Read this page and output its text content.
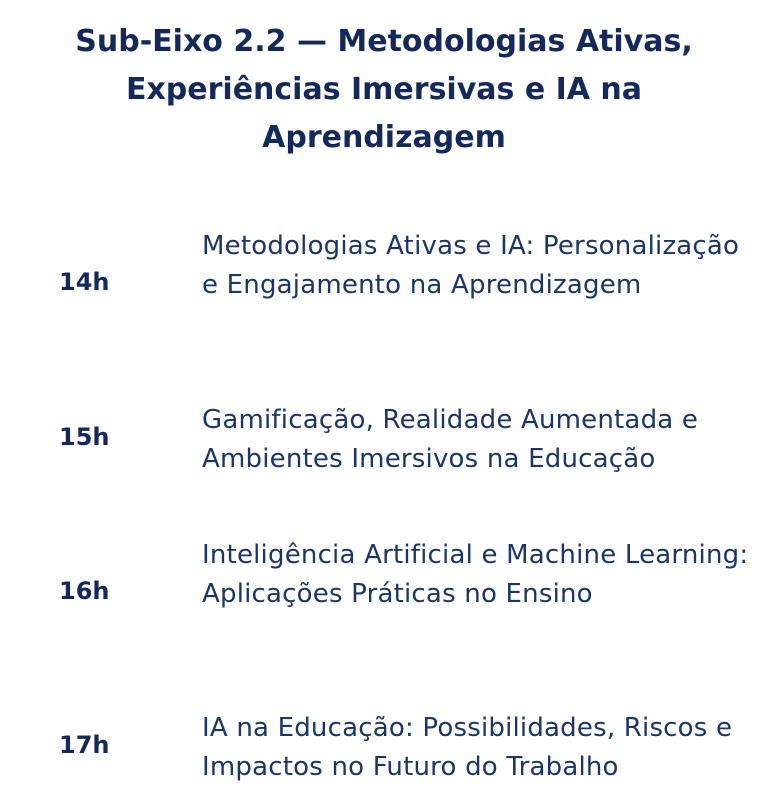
Sub-Eixo 2.2 — Metodologias Ativas, Experiências Imersivas e IA na Aprendizagem
14h
Metodologias Ativas e IA: Personalização e Engajamento na Aprendizagem
15h
Gamificação, Realidade Aumentada e Ambientes Imersivos na Educação
16h
Inteligência Artificial e Machine Learning: Aplicações Práticas no Ensino
17h
IA na Educação: Possibilidades, Riscos e Impactos no Futuro do Trabalho
